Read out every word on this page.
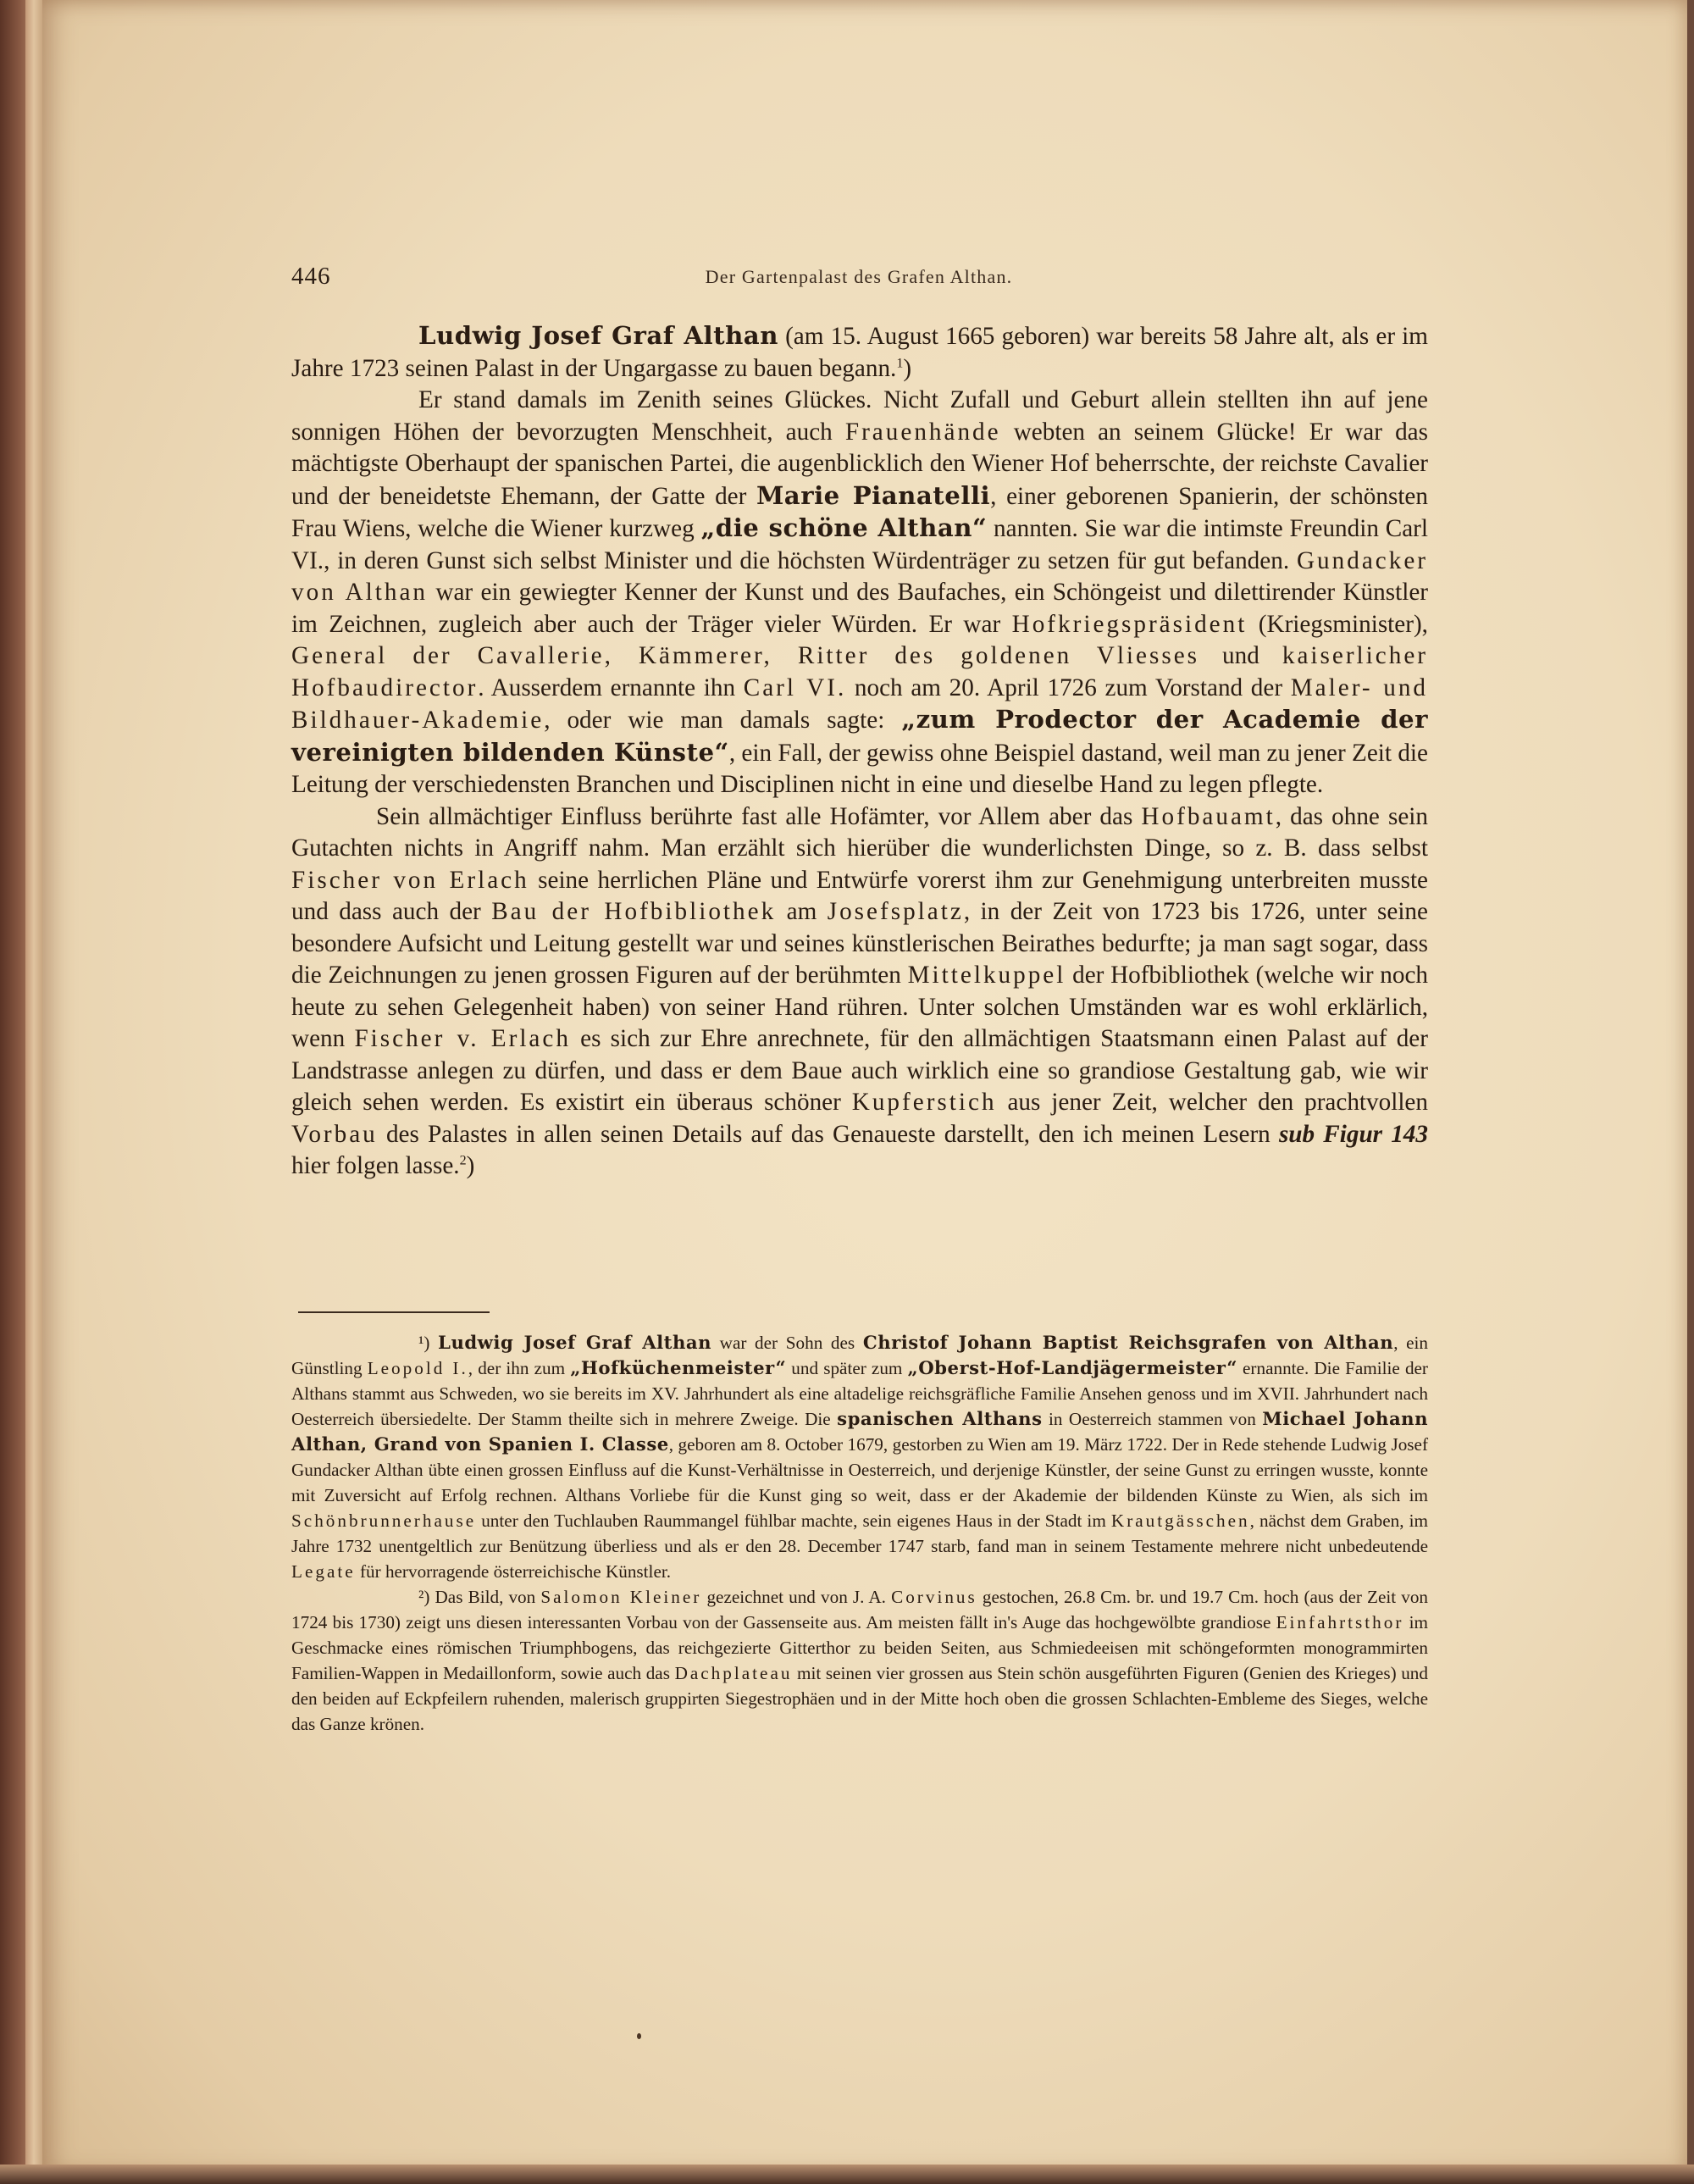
446	Der Gartenpalast des Grafen Althan.

Ludwig Josef Graf Althan (am 15. August 1665 geboren) war bereits 58 Jahre alt, als er im Jahre 1723 seinen Palast in der Ungargasse zu bauen begann.$^1$)

Er stand damals im Zenith seines Glückes. Nicht Zufall und Geburt allein stellten ihn auf jene sonnigen Höhen der bevorzugten Menschheit, auch Frauenhände webten an seinem Glücke! Er war das mächtigste Oberhaupt der spanischen Partei, die augenblicklich den Wiener Hof beherrschte, der reichste Cavalier und der beneidetste Ehemann, der Gatte der Marie Pianatelli, einer geborenen Spanierin, der schönsten Frau Wiens, welche die Wiener kurzweg „die schöne Althan“ nannten. Sie war die intimste Freundin Carl VI., in deren Gunst sich selbst Minister und die höchsten Würdenträger zu setzen für gut befanden. Gundacker von Althan war ein gewiegter Kenner der Kunst und des Baufaches, ein Schöngeist und dilettirender Künstler im Zeichnen, zugleich aber auch der Träger vieler Würden. Er war Hofkriegspräsident (Kriegsminister), General der Cavallerie, Kämmerer, Ritter des goldenen Vliesses und kaiserlicher Hofbaudirector. Ausserdem ernannte ihn Carl VI. noch am 20. April 1726 zum Vorstand der Maler- und Bildhauer-Akademie, oder wie man damals sagte: „zum Prodector der Academie der vereinigten bildenden Künste“, ein Fall, der gewiss ohne Beispiel dastand, weil man zu jener Zeit die Leitung der verschiedensten Branchen und Disciplinen nicht in eine und dieselbe Hand zu legen pflegte.

Sein allmächtiger Einfluss berührte fast alle Hofämter, vor Allem aber das Hofbauamt, das ohne sein Gutachten nichts in Angriff nahm. Man erzählt sich hierüber die wunderlichsten Dinge, so z. B. dass selbst Fischer von Erlach seine herrlichen Pläne und Entwürfe vorerst ihm zur Genehmigung unterbreiten musste und dass auch der Bau der Hofbibliothek am Josefsplatz, in der Zeit von 1723 bis 1726, unter seine besondere Aufsicht und Leitung gestellt war und seines künstlerischen Beirathes bedurfte; ja man sagt sogar, dass die Zeichnungen zu jenen grossen Figuren auf der berühmten Mittelkuppel der Hofbibliothek (welche wir noch heute zu sehen Gelegenheit haben) von seiner Hand rühren. Unter solchen Umständen war es wohl erklärlich, wenn Fischer v. Erlach es sich zur Ehre anrechnete, für den allmächtigen Staatsmann einen Palast auf der Landstrasse anlegen zu dürfen, und dass er dem Baue auch wirklich eine so grandiose Gestaltung gab, wie wir gleich sehen werden. Es existirt ein überaus schöner Kupferstich aus jener Zeit, welcher den prachtvollen Vorbau des Palastes in allen seinen Details auf das Genaueste darstellt, den ich meinen Lesern sub Figur 143 hier folgen lasse.$^2$)

¹) Ludwig Josef Graf Althan war der Sohn des Christof Johann Baptist Reichsgrafen von Althan, ein Günstling Leopold I., der ihn zum „Hofküchenmeister“ und später zum „Oberst-Hof-Landjägermeister“ ernannte. Die Familie der Althans stammt aus Schweden, wo sie bereits im XV. Jahrhundert als eine altadelige reichsgräfliche Familie Ansehen genoss und im XVII. Jahrhundert nach Oesterreich übersiedelte. Der Stamm theilte sich in mehrere Zweige. Die spanischen Althans in Oesterreich stammen von Michael Johann Althan, Grand von Spanien I. Classe, geboren am 8. October 1679, gestorben zu Wien am 19. März 1722. Der in Rede stehende Ludwig Josef Gundacker Althan übte einen grossen Einfluss auf die Kunst-Verhältnisse in Oesterreich, und derjenige Künstler, der seine Gunst zu erringen wusste, konnte mit Zuversicht auf Erfolg rechnen. Althans Vorliebe für die Kunst ging so weit, dass er der Akademie der bildenden Künste zu Wien, als sich im Schönbrunnerhause unter den Tuchlauben Raummangel fühlbar machte, sein eigenes Haus in der Stadt im Krautgässchen, nächst dem Graben, im Jahre 1732 unentgeltlich zur Benützung überliess und als er den 28. December 1747 starb, fand man in seinem Testamente mehrere nicht unbedeutende Legate für hervorragende österreichische Künstler.

²) Das Bild, von Salomon Kleiner gezeichnet und von J. A. Corvinus gestochen, 26.8 Cm. br. und 19.7 Cm. hoch (aus der Zeit von 1724 bis 1730) zeigt uns diesen interessanten Vorbau von der Gassenseite aus. Am meisten fällt in's Auge das hochgewölbte grandiose Einfahrtsthor im Geschmacke eines römischen Triumphbogens, das reichgezierte Gitterthor zu beiden Seiten, aus Schmiedeeisen mit schöngeformten monogrammirten Familien-Wappen in Medaillonform, sowie auch das Dachplateau mit seinen vier grossen aus Stein schön ausgeführten Figuren (Genien des Krieges) und den beiden auf Eckpfeilern ruhenden, malerisch gruppirten Siegestrophäen und in der Mitte hoch oben die grossen Schlachten-Embleme des Sieges, welche das Ganze krönen.
